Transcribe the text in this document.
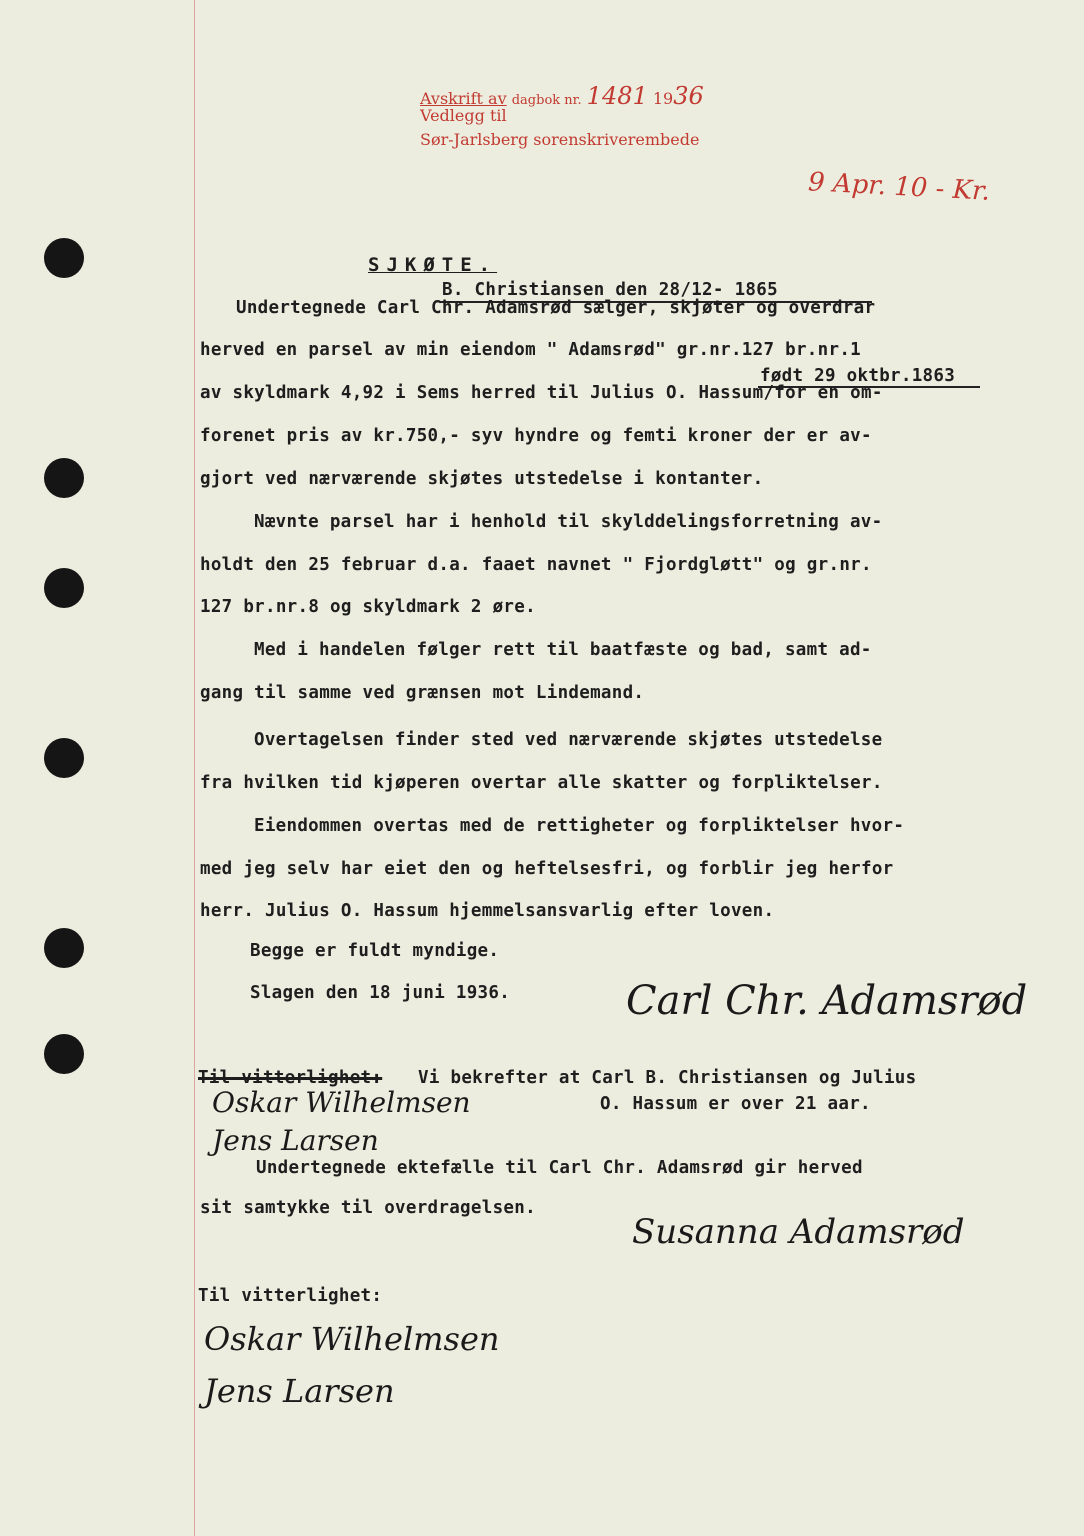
Avskrift av dagbok nr. 1481 1936
Vedlegg til
Sør-Jarlsberg sorenskriverembede
9 Apr. 10 - Kr.
SJKØTE.
B. Christiansen den 28/12- 1865
født 29 oktbr.1863
Undertegnede Carl Chr. Adamsrød sælger, skjøter og overdrar
herved en parsel av min eiendom " Adamsrød" gr.nr.127 br.nr.1
av skyldmark 4,92 i Sems herred til Julius O. Hassum/for en om-
forenet pris av kr.750,- syv hyndre og femti kroner der er av-
gjort ved nærværende skjøtes utstedelse i kontanter.
Nævnte parsel har i henhold til skylddelingsforretning av-
holdt den 25 februar d.a. faaet navnet " Fjordgløtt" og gr.nr.
127 br.nr.8 og skyldmark 2 øre.
Med i handelen følger rett til baatfæste og bad, samt ad-
gang til samme ved grænsen mot Lindemand.
Overtagelsen finder sted ved nærværende skjøtes utstedelse
fra hvilken tid kjøperen overtar alle skatter og forpliktelser.
Eiendommen overtas med de rettigheter og forpliktelser hvor-
med jeg selv har eiet den og heftelsesfri, og forblir jeg herfor
herr. Julius O. Hassum hjemmelsansvarlig efter loven.
Begge er fuldt myndige.
Slagen den 18 juni 1936.	Carl Chr. Adamsrød
Til vitterlighet: Vi bekrefter at Carl B. Christiansen og Julius
O. Hassum er over 21 aar.
Oskar Wilhelmsen
Jens Larsen
Undertegnede ektefælle til Carl Chr. Adamsrød gir herved
sit samtykke til overdragelsen.
Susanna Adamsrød
Til vitterlighet:
Oskar Wilhelmsen
Jens Larsen
